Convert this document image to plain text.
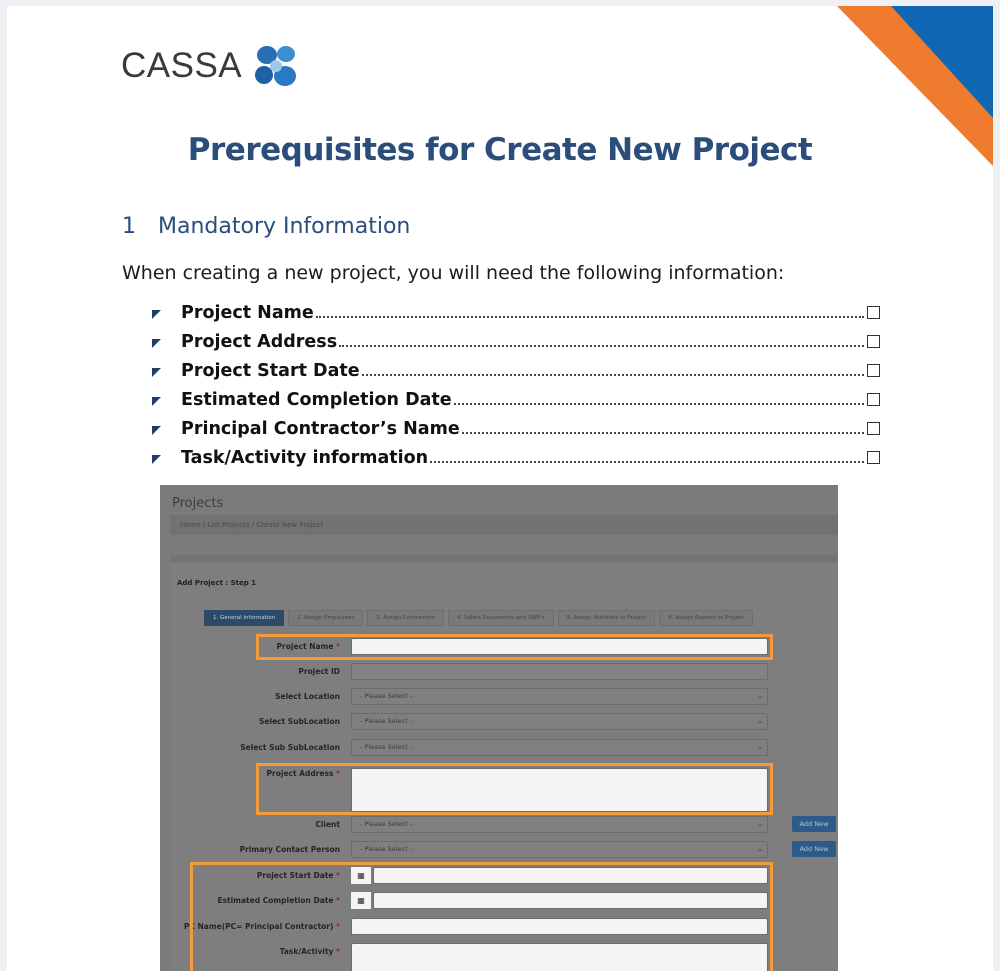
CASSA
Prerequisites for Create New Project
1 Mandatory Information
When creating a new project, you will need the following information:
Project Name
Project Address
Project Start Date
Estimated Completion Date
Principal Contractor’s Name
Task/Activity information
Projects
Home / List Projects / Create New Project
Add Project : Step 1
1. General Information	2. Assign Employees	3. Assign Contractors	4. Select Documents and SWP's	5. Assign Activities to Project	6. Assign Reports to Project
Project Name *
Project ID
Select Location	- Please Select -	⌄
Select SubLocation	- Please Select -	⌄
Select Sub SubLocation	- Please Select -	⌄
Project Address *
Client	- Please Select -	⌄	Add New
Primary Contact Person	- Please Select -	⌄	Add New
Project Start Date *	▦
Estimated Completion Date *	▦
PC Name(PC= Principal Contractor) *
Task/Activity *
